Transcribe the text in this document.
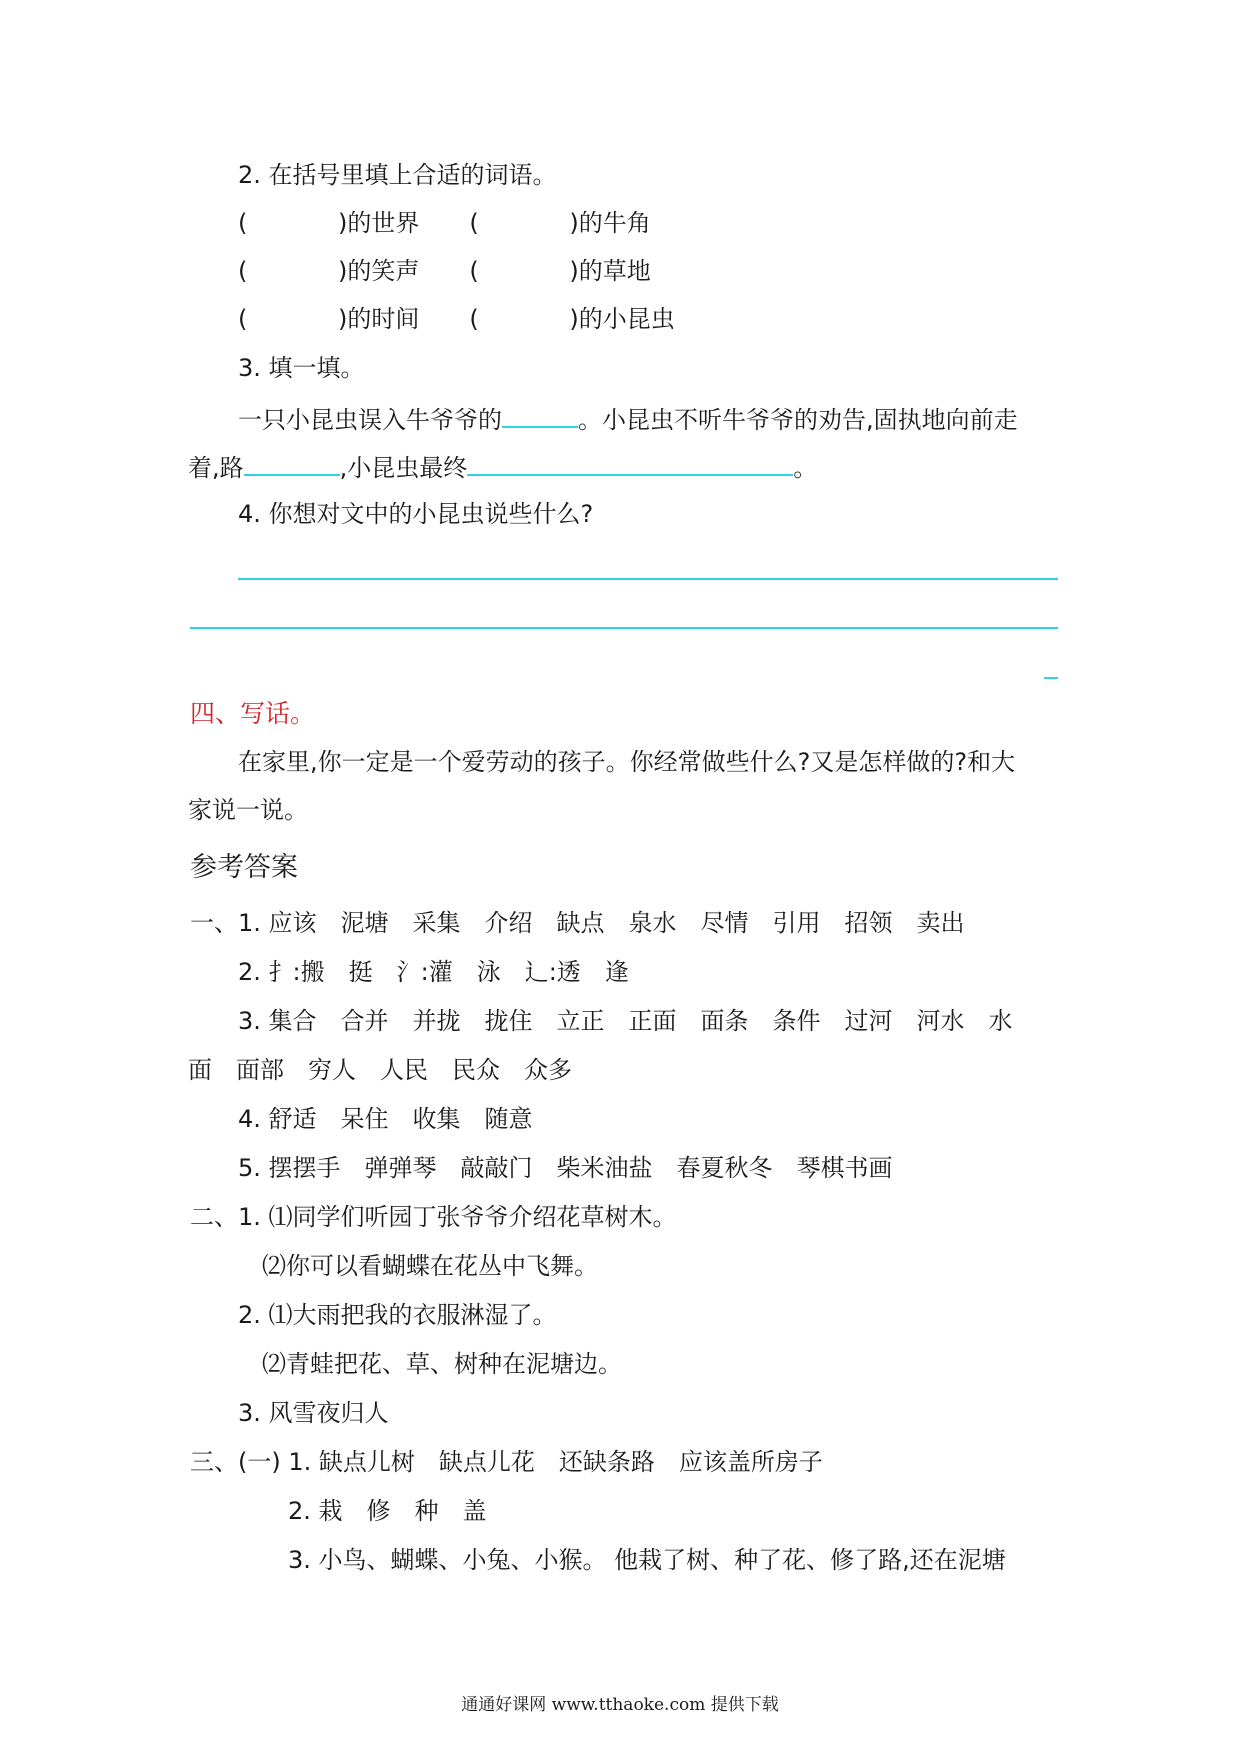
2. 在括号里填上合适的词语。
(	)的世界 (	)的牛角
(	)的笑声 (	)的草地
(	)的时间 (	)的小昆虫
3. 填一填。
一只小昆虫误入牛爷爷的	。小昆虫不听牛爷爷的劝告,固执地向前走
着,路	,小昆虫最终	。
4. 你想对文中的小昆虫说些什么?
四、写话。
在家里,你一定是一个爱劳动的孩子。你经常做些什么?又是怎样做的?和大
家说一说。
参考答案
一、1. 应该 泥塘 采集 介绍 缺点 泉水 尽情 引用 招领 卖出
2. 扌:搬 挺 氵:灌 泳 辶:透 逢
3. 集合 合并 并拢 拢住 立正 正面 面条 条件 过河 河水 水
面 面部 穷人 人民 民众 众多
4. 舒适 呆住 收集 随意
5. 摆摆手 弹弹琴 敲敲门 柴米油盐 春夏秋冬 琴棋书画
二、1. ⑴同学们听园丁张爷爷介绍花草树木。
⑵你可以看蝴蝶在花丛中飞舞。
2. ⑴大雨把我的衣服淋湿了。
⑵青蛙把花、草、树种在泥塘边。
3. 风雪夜归人
三、(一) 1. 缺点儿树 缺点儿花 还缺条路 应该盖所房子
2. 栽 修 种 盖
3. 小鸟、蝴蝶、小兔、小猴。 他栽了树、种了花、修了路,还在泥塘
通通好课网 www.tthaoke.com 提供下载
